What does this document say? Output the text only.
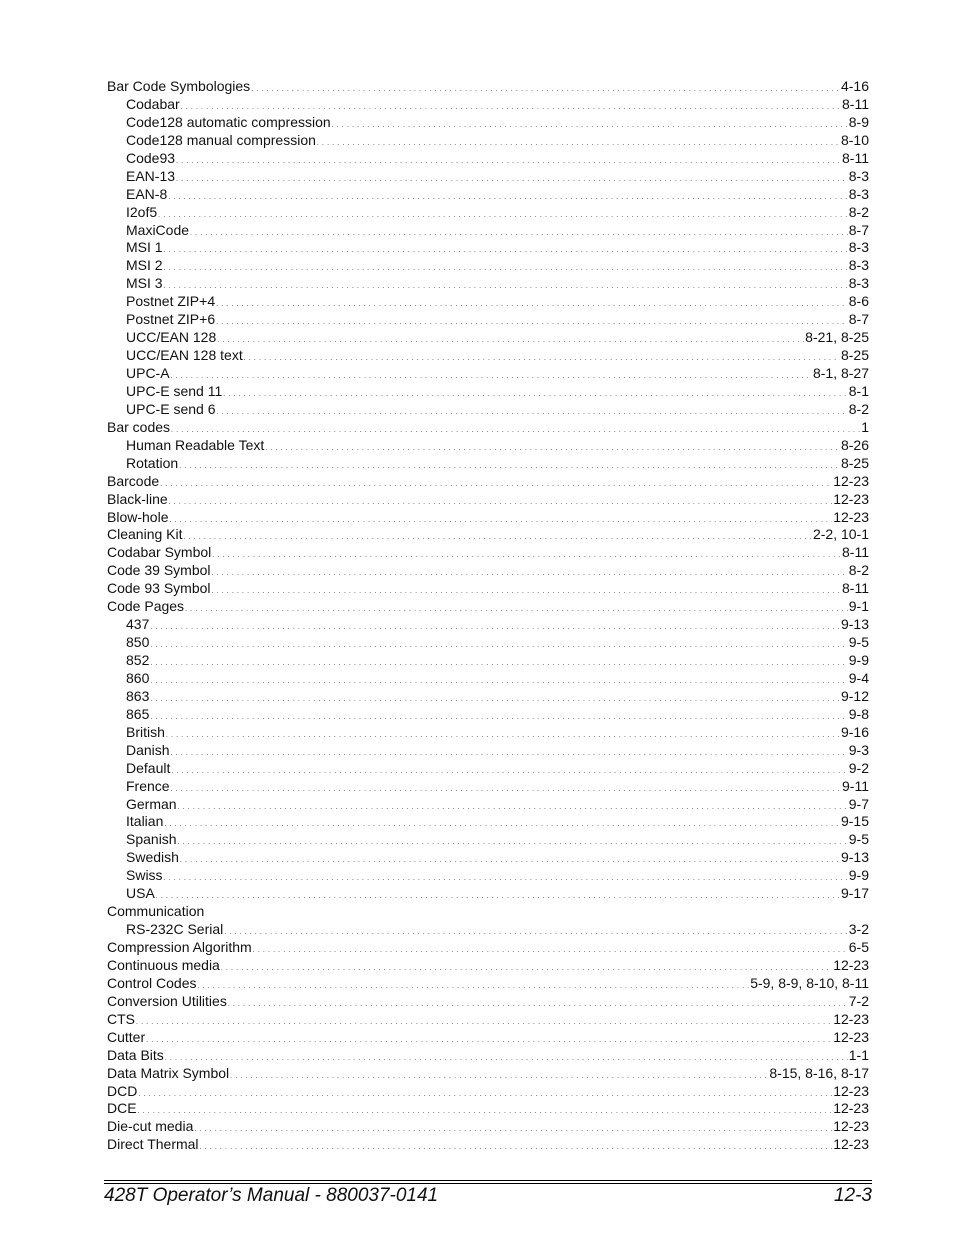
Bar Code Symbologies . . .	4-16
Codabar . . .	8-11
Code128 automatic compression . . .	8-9
Code128 manual compression . . .	8-10
Code93 . . .	8-11
EAN-13 . . .	8-3
EAN-8 . . .	8-3
I2of5 . . .	8-2
MaxiCode . . .	8-7
MSI 1 . . .	8-3
MSI 2 . . .	8-3
MSI 3 . . .	8-3
Postnet ZIP+4 . . .	8-6
Postnet ZIP+6 . . .	8-7
UCC/EAN 128 . . .	8-21, 8-25
UCC/EAN 128 text . . .	8-25
UPC-A . . .	8-1, 8-27
UPC-E send 11 . . .	8-1
UPC-E send 6 . . .	8-2
Bar codes . . .	1
Human Readable Text . . .	8-26
Rotation . . .	8-25
Barcode . . .	12-23
Black-line . . .	12-23
Blow-hole . . .	12-23
Cleaning Kit . . .	2-2, 10-1
Codabar Symbol . . .	8-11
Code 39 Symbol . . .	8-2
Code 93 Symbol . . .	8-11
Code Pages . . .	9-1
437 . . .	9-13
850 . . .	9-5
852 . . .	9-9
860 . . .	9-4
863 . . .	9-12
865 . . .	9-8
British . . .	9-16
Danish . . .	9-3
Default . . .	9-2
Frence . . .	9-11
German . . .	9-7
Italian . . .	9-15
Spanish . . .	9-5
Swedish . . .	9-13
Swiss . . .	9-9
USA . . .	9-17
Communication
RS-232C Serial . . .	3-2
Compression Algorithm . . .	6-5
Continuous media . . .	12-23
Control Codes . . .	5-9, 8-9, 8-10, 8-11
Conversion Utilities . . .	7-2
CTS . . .	12-23
Cutter . . .	12-23
Data Bits . . .	1-1
Data Matrix Symbol . . .	8-15, 8-16, 8-17
DCD . . .	12-23
DCE . . .	12-23
Die-cut media . . .	12-23
Direct Thermal . . .	12-23
428T Operator’s Manual - 880037-0141	12-3
